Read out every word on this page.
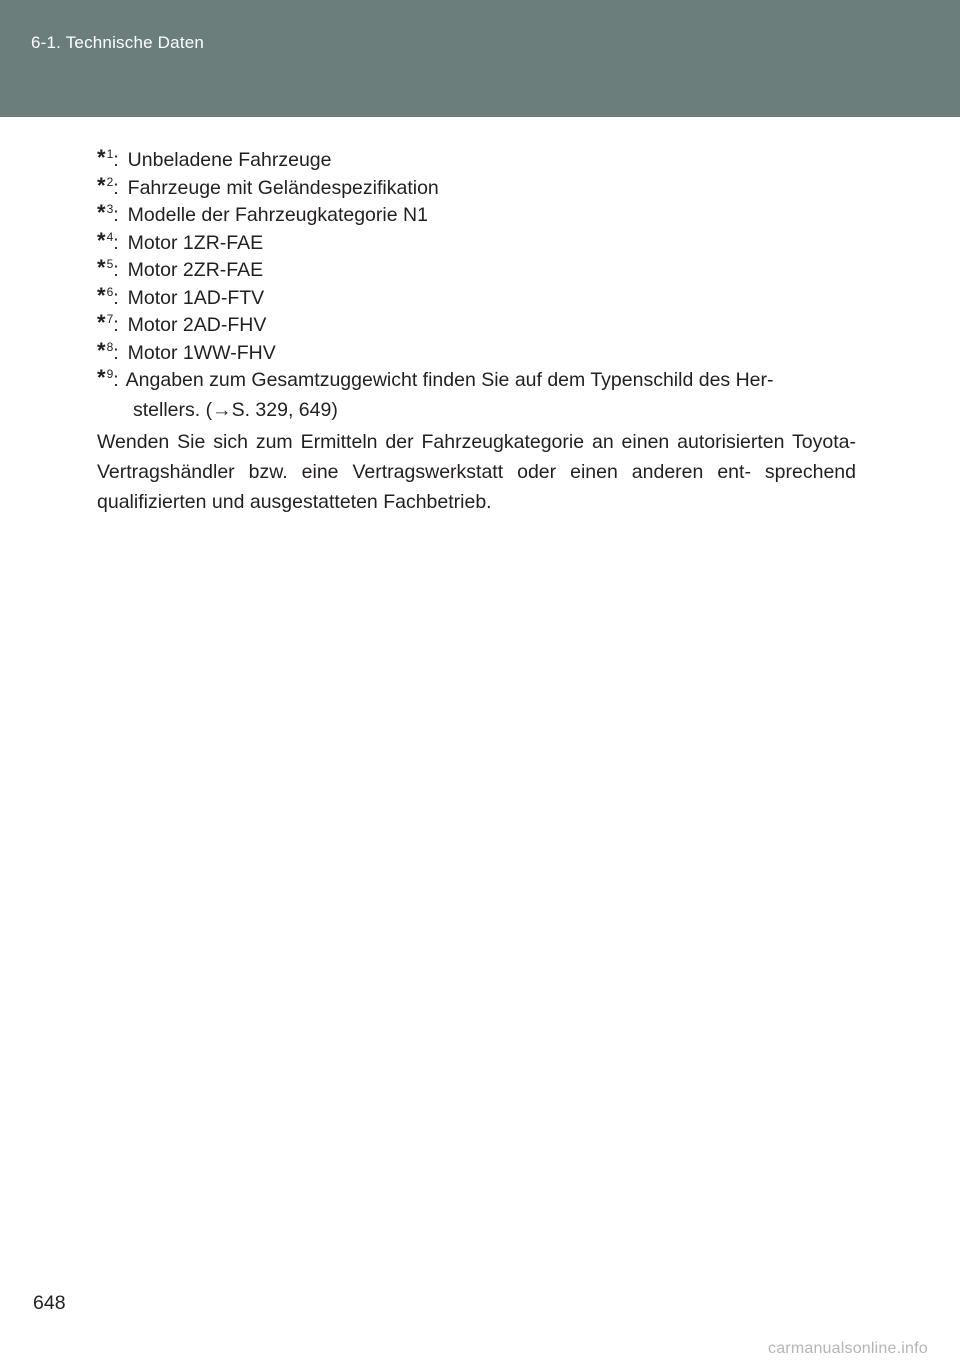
6-1. Technische Daten
*$^1$: Unbeladene Fahrzeuge
*$^2$: Fahrzeuge mit Geländespezifikation
*$^3$: Modelle der Fahrzeugkategorie N1
*$^4$: Motor 1ZR-FAE
*$^5$: Motor 2ZR-FAE
*$^6$: Motor 1AD-FTV
*$^7$: Motor 2AD-FHV
*$^8$: Motor 1WW-FHV
*$^9$: Angaben zum Gesamtzuggewicht finden Sie auf dem Typenschild des Her-
stellers. (→S. 329, 649)
Wenden Sie sich zum Ermitteln der Fahrzeugkategorie an einen autorisierten Toyota-Vertragshändler bzw. eine Vertragswerkstatt oder einen anderen ent- sprechend qualifizierten und ausgestatteten Fachbetrieb.
648
carmanualsonline.info
